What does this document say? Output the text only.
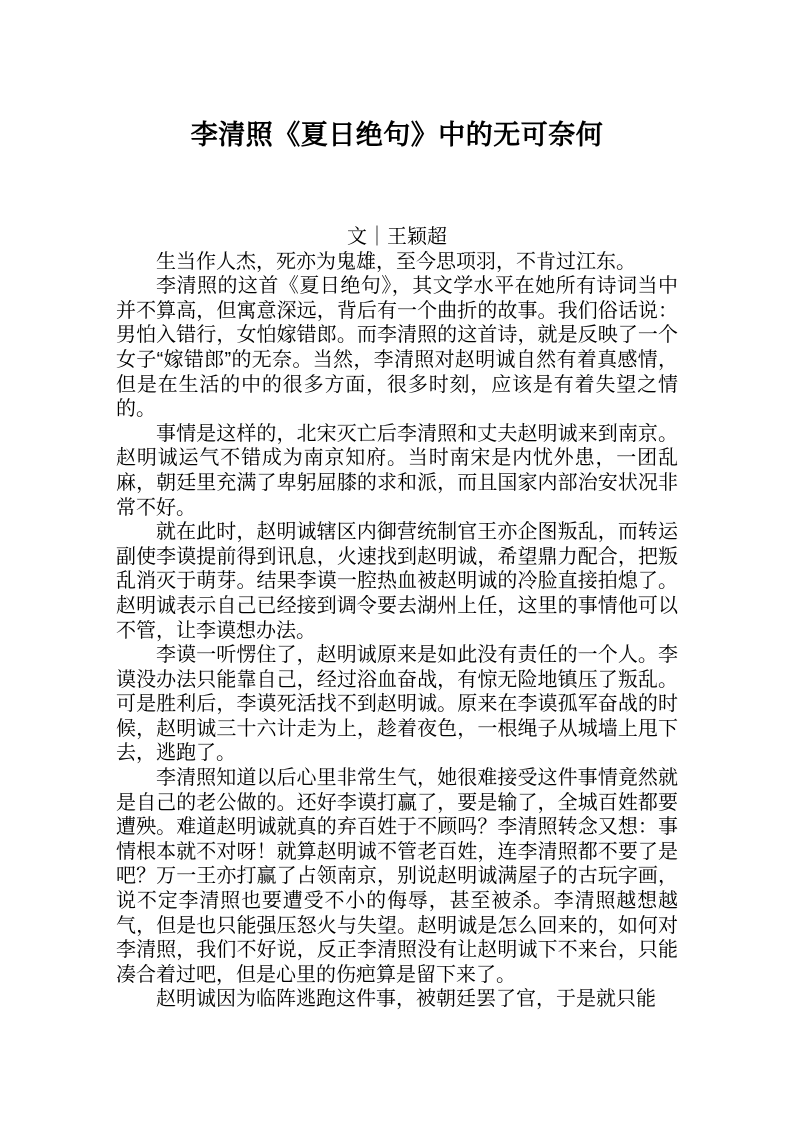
李清照《夏日绝句》中的无可奈何
文｜王颖超

生当作人杰，死亦为鬼雄，至今思项羽，不肯过江东。

李清照的这首《夏日绝句》，其文学水平在她所有诗词当中并不算高，但寓意深远，背后有一个曲折的故事。我们俗话说：男怕入错行，女怕嫁错郎。而李清照的这首诗，就是反映了一个女子“嫁错郎”的无奈。当然，李清照对赵明诚自然有着真感情，但是在生活的中的很多方面，很多时刻，应该是有着失望之情的。

事情是这样的，北宋灭亡后李清照和丈夫赵明诚来到南京。赵明诚运气不错成为南京知府。当时南宋是内忧外患，一团乱麻，朝廷里充满了卑躬屈膝的求和派，而且国家内部治安状况非常不好。

就在此时，赵明诚辖区内御营统制官王亦企图叛乱，而转运副使李谟提前得到讯息，火速找到赵明诚，希望鼎力配合，把叛乱消灭于萌芽。结果李谟一腔热血被赵明诚的冷脸直接拍熄了。赵明诚表示自己已经接到调令要去湖州上任，这里的事情他可以不管，让李谟想办法。

李谟一听愣住了，赵明诚原来是如此没有责任的一个人。李谟没办法只能靠自己，经过浴血奋战，有惊无险地镇压了叛乱。可是胜利后，李谟死活找不到赵明诚。原来在李谟孤军奋战的时候，赵明诚三十六计走为上，趁着夜色，一根绳子从城墙上甩下去，逃跑了。

李清照知道以后心里非常生气，她很难接受这件事情竟然就是自己的老公做的。还好李谟打赢了，要是输了，全城百姓都要遭殃。难道赵明诚就真的弃百姓于不顾吗？李清照转念又想：事情根本就不对呀！就算赵明诚不管老百姓，连李清照都不要了是吧？万一王亦打赢了占领南京，别说赵明诚满屋子的古玩字画，说不定李清照也要遭受不小的侮辱，甚至被杀。李清照越想越气，但是也只能强压怒火与失望。赵明诚是怎么回来的，如何对李清照，我们不好说，反正李清照没有让赵明诚下不来台，只能凑合着过吧，但是心里的伤疤算是留下来了。

赵明诚因为临阵逃跑这件事，被朝廷罢了官，于是就只能
